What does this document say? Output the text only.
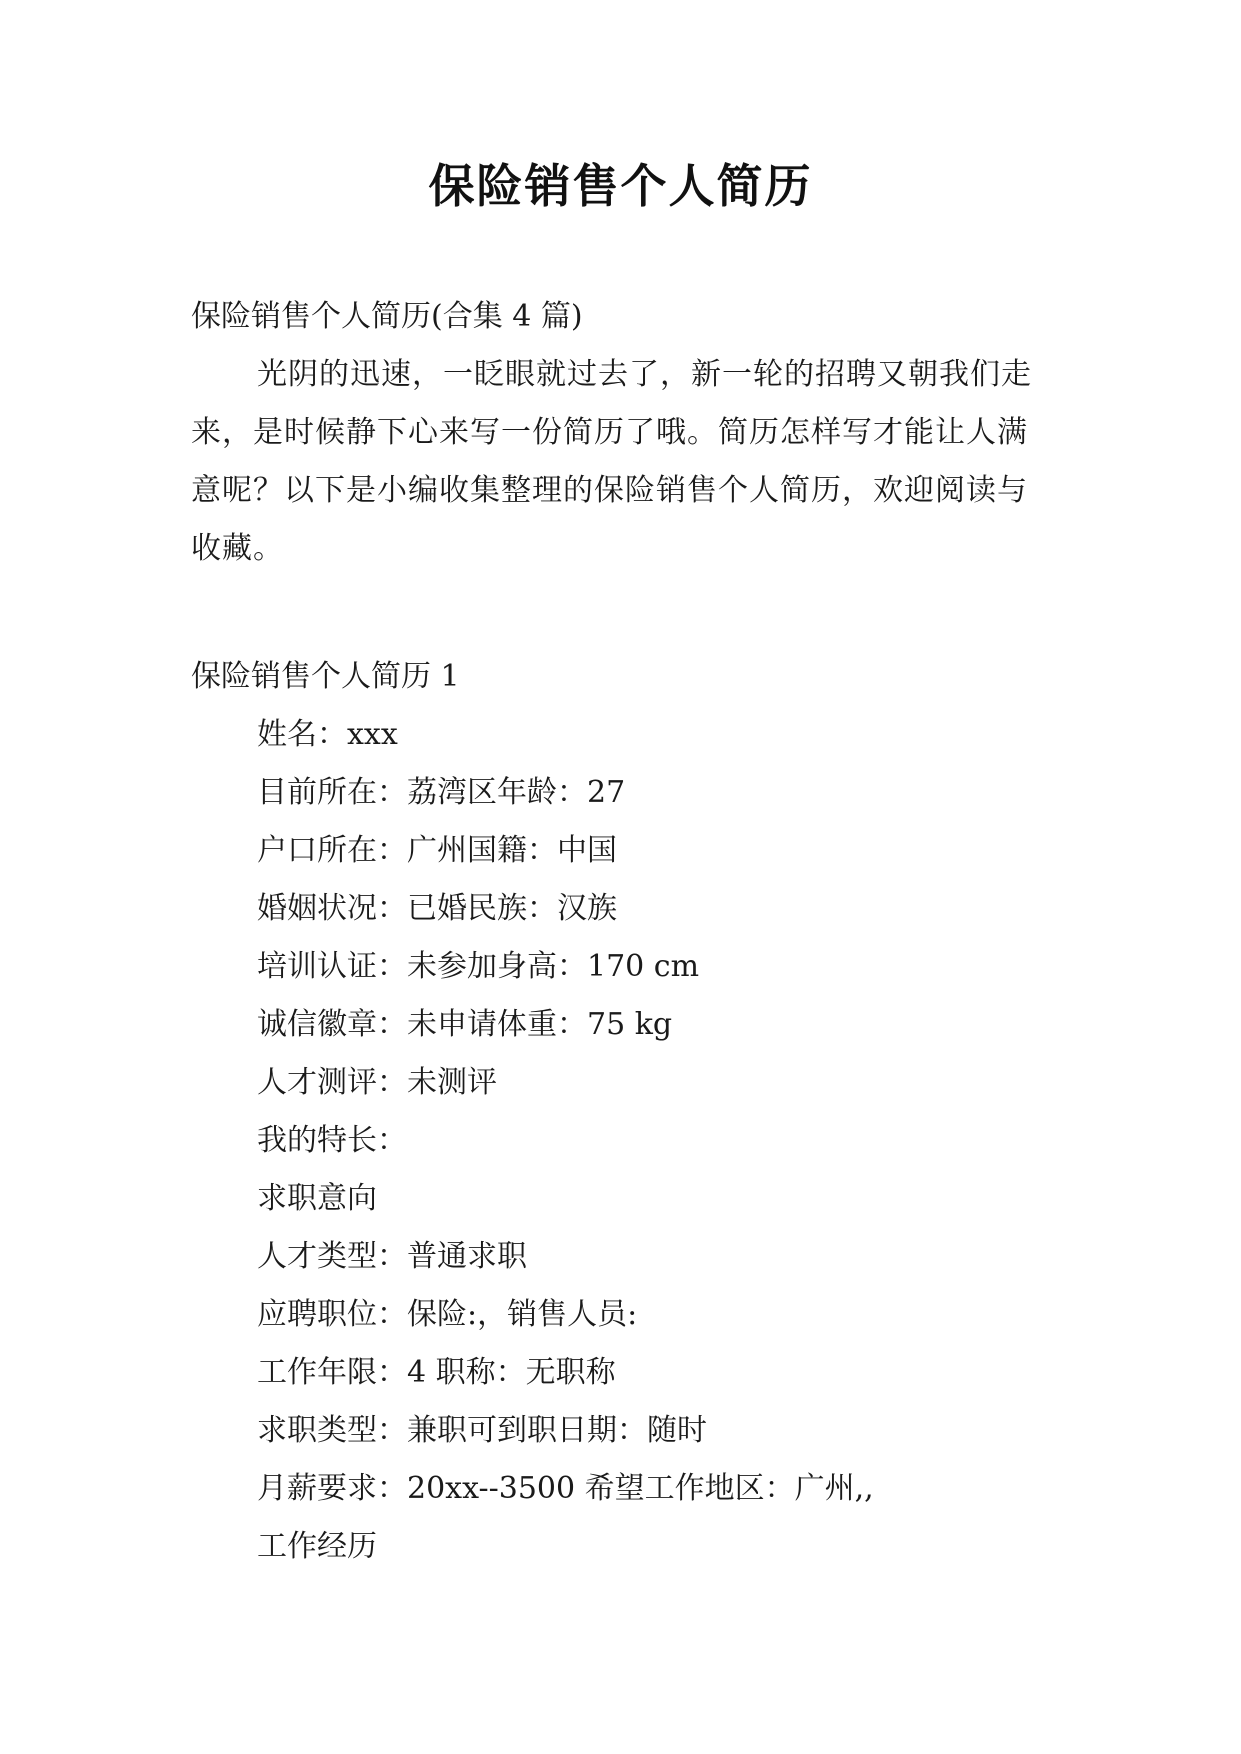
保险销售个人简历
保险销售个人简历(合集 4 篇)
光阴的迅速，一眨眼就过去了，新一轮的招聘又朝我们走来，是时候静下心来写一份简历了哦。简历怎样写才能让人满意呢？以下是小编收集整理的保险销售个人简历，欢迎阅读与收藏。
保险销售个人简历 1
姓名：xxx
目前所在：荔湾区年龄：27
户口所在：广州国籍：中国
婚姻状况：已婚民族：汉族
培训认证：未参加身高：170 cm
诚信徽章：未申请体重：75 kg
人才测评：未测评
我的特长：
求职意向
人才类型：普通求职
应聘职位：保险:，销售人员:
工作年限：4 职称：无职称
求职类型：兼职可到职日期：随时
月薪要求：20xx--3500 希望工作地区：广州,,
工作经历
